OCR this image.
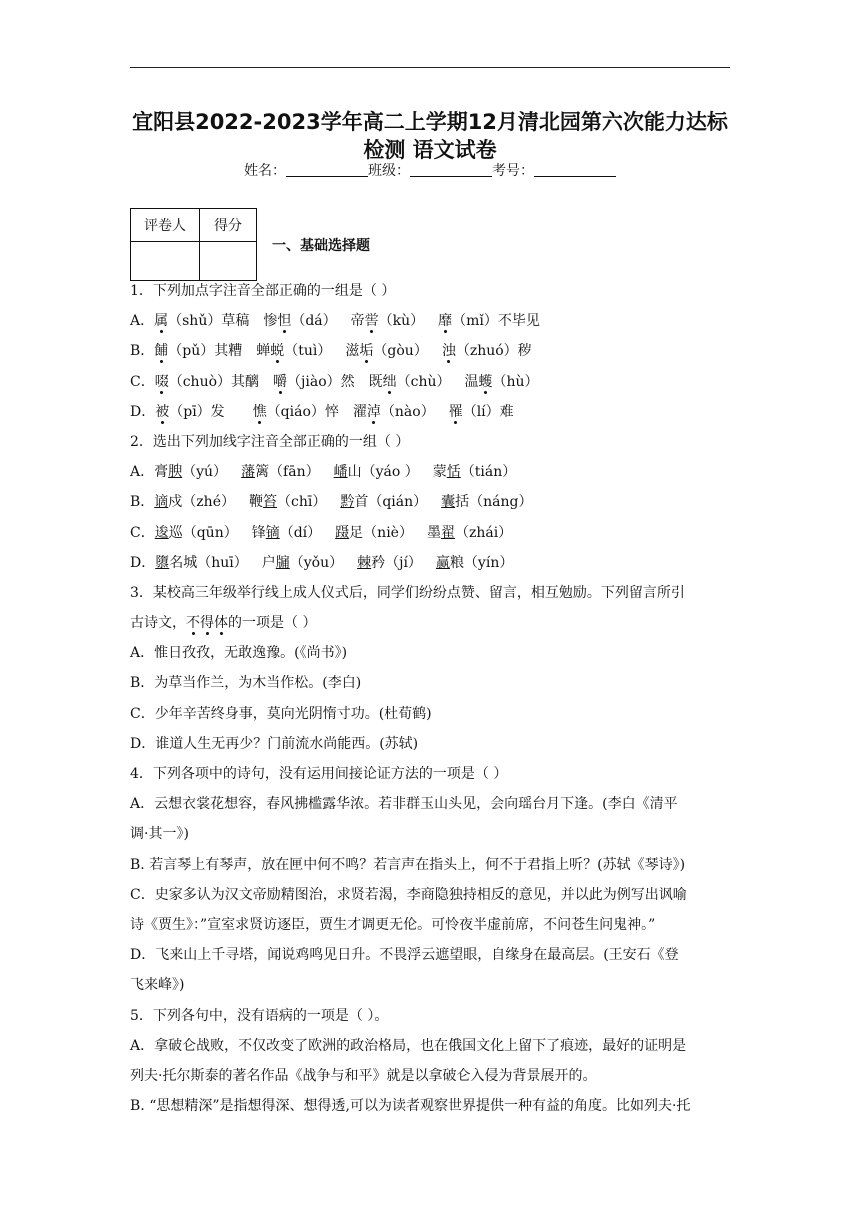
宜阳县2022-2023学年高二上学期12月清北园第六次能力达标
检测 语文试卷
姓名：	班级：	考号：
评卷人	得分

一、基础选择题
1．下列加点字注音全部正确的一组是（ ）
A．属（shǔ）草稿 惨怛（dá） 帝喾（kù） 靡（mǐ）不毕见
B．餔（pǔ）其糟 蝉蜕（tuì） 滋垢（gòu） 浊（zhuó）秽
C．啜（chuò）其醨 嚼（jiào）然 既绌（chù） 温蠖（hù）
D．被（pī）发 憔（qiáo）悴 濯淖（nào） 罹（lí）难
2．选出下列加线字注音全部正确的一组（ ）
A．膏腴（yú） 藩篱（fān） 嶓山（yáo ） 蒙恬（tián）
B．谪戍（zhé） 鞭笞（chī） 黔首（qián） 囊括（náng）
C．逡巡（qūn） 锋镝（dí） 蹑足（niè） 墨翟（zhái）
D．隳名城（huī） 户牖（yǒu） 棘矜（jí） 赢粮（yín）
3．某校高三年级举行线上成人仪式后，同学们纷纷点赞、留言，相互勉励。下列留言所引
古诗文，不得体的一项是（ ）
A．惟日孜孜，无敢逸豫。(《尚书》)
B．为草当作兰，为木当作松。(李白)
C．少年辛苦终身事，莫向光阴惰寸功。(杜荀鹤)
D．谁道人生无再少？门前流水尚能西。(苏轼)
4．下列各项中的诗句，没有运用间接论证方法的一项是（ ）
A．云想衣裳花想容，春风拂槛露华浓。若非群玉山头见，会向瑶台月下逢。(李白《清平
调·其一》)
B. 若言琴上有琴声，放在匣中何不鸣？若言声在指头上，何不于君指上听？(苏轼《琴诗》)
C．史家多认为汉文帝励精图治，求贤若渴，李商隐独持相反的意见，并以此为例写出讽喻
诗《贾生》：”宣室求贤访逐臣，贾生才调更无伦。可怜夜半虚前席，不问苍生问鬼神。”
D．飞来山上千寻塔，闻说鸡鸣见日升。不畏浮云遮望眼，自缘身在最高层。(王安石《登
飞来峰》)
5．下列各句中，没有语病的一项是（ ）。
A．拿破仑战败，不仅改变了欧洲的政治格局，也在俄国文化上留下了痕迹，最好的证明是
列夫·托尔斯泰的著名作品《战争与和平》就是以拿破仑入侵为背景展开的。
B. “思想精深”是指想得深、想得透,可以为读者观察世界提供一种有益的角度。比如列夫·托
